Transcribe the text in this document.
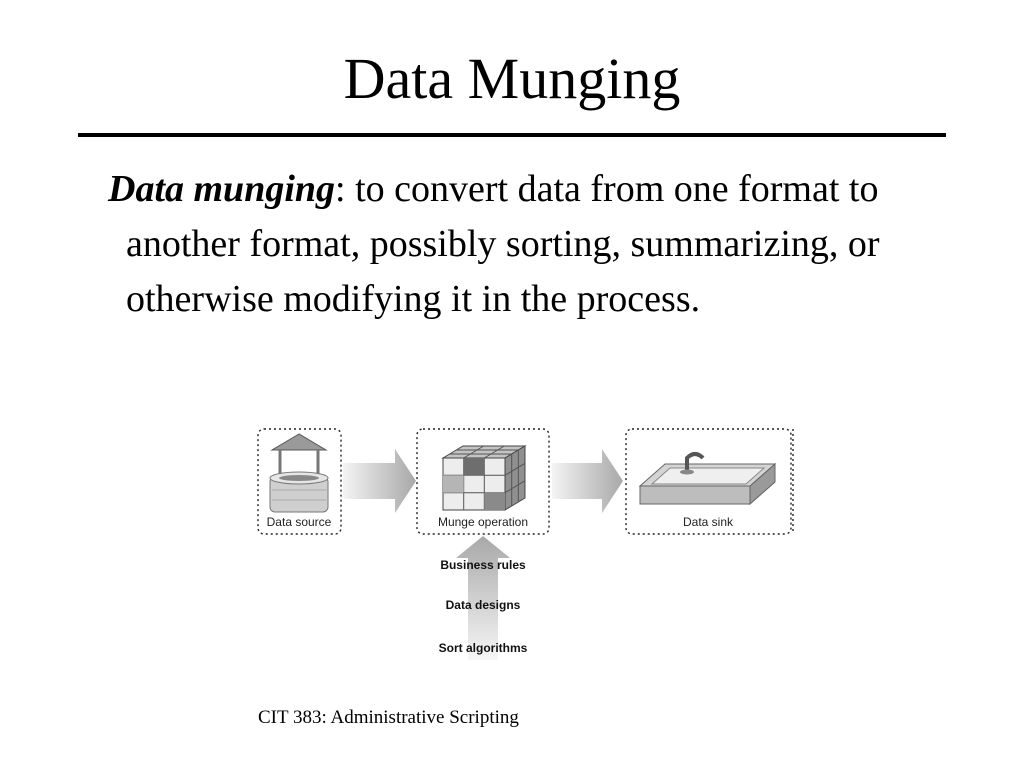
Data Munging
Data munging: to convert data from one format to another format, possibly sorting, summarizing, or otherwise modifying it in the process.
Data source	Munge operation	Data sink
Business rules
Data designs
Sort algorithms
CIT 383: Administrative Scripting
